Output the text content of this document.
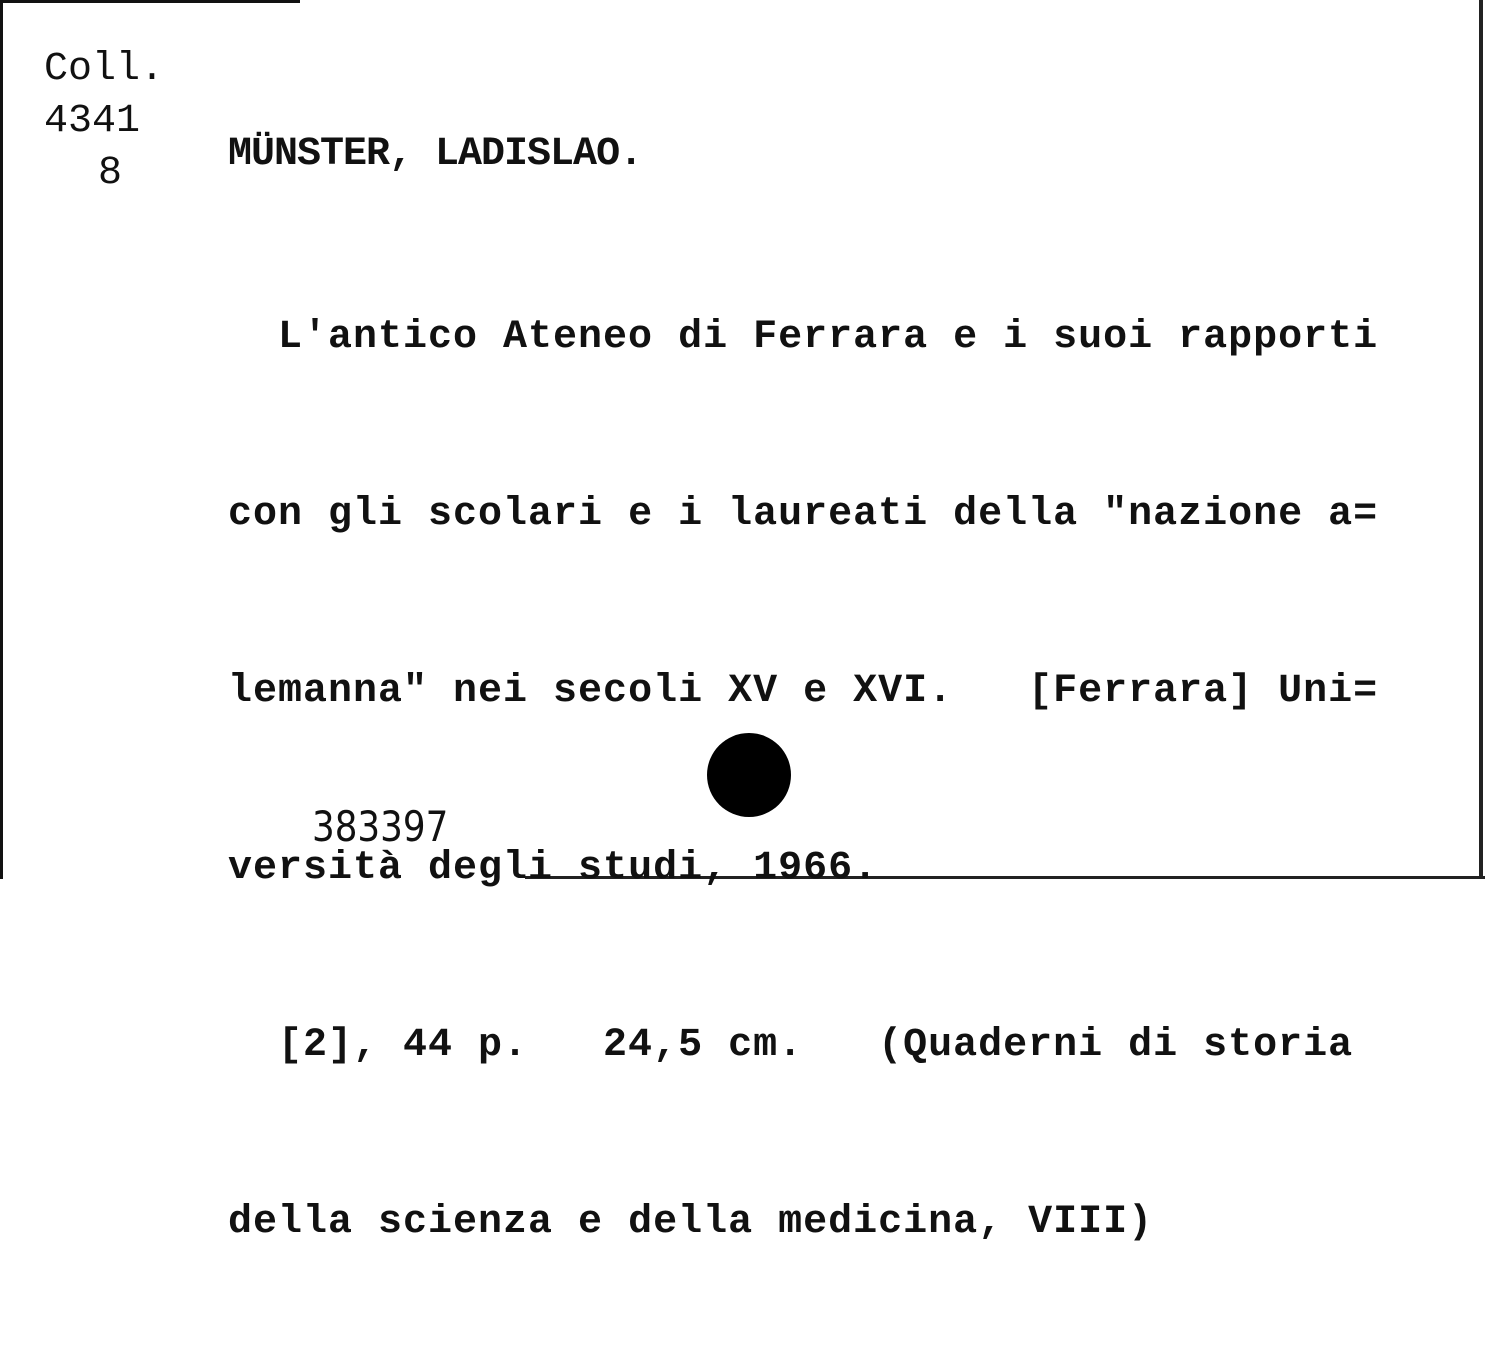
Coll.
4341
8	MÜNSTER, LADISLAO.

L'antico Ateneo di Ferrara e i suoi rapporti

con gli scolari e i laureati della "nazione a=

lemanna" nei secoli XV e XVI.   [Ferrara] Uni=

versità degli studi, 1966.

[2], 44 p.   24,5 cm.   (Quaderni di storia

della scienza e della medicina, VIII)

383397
